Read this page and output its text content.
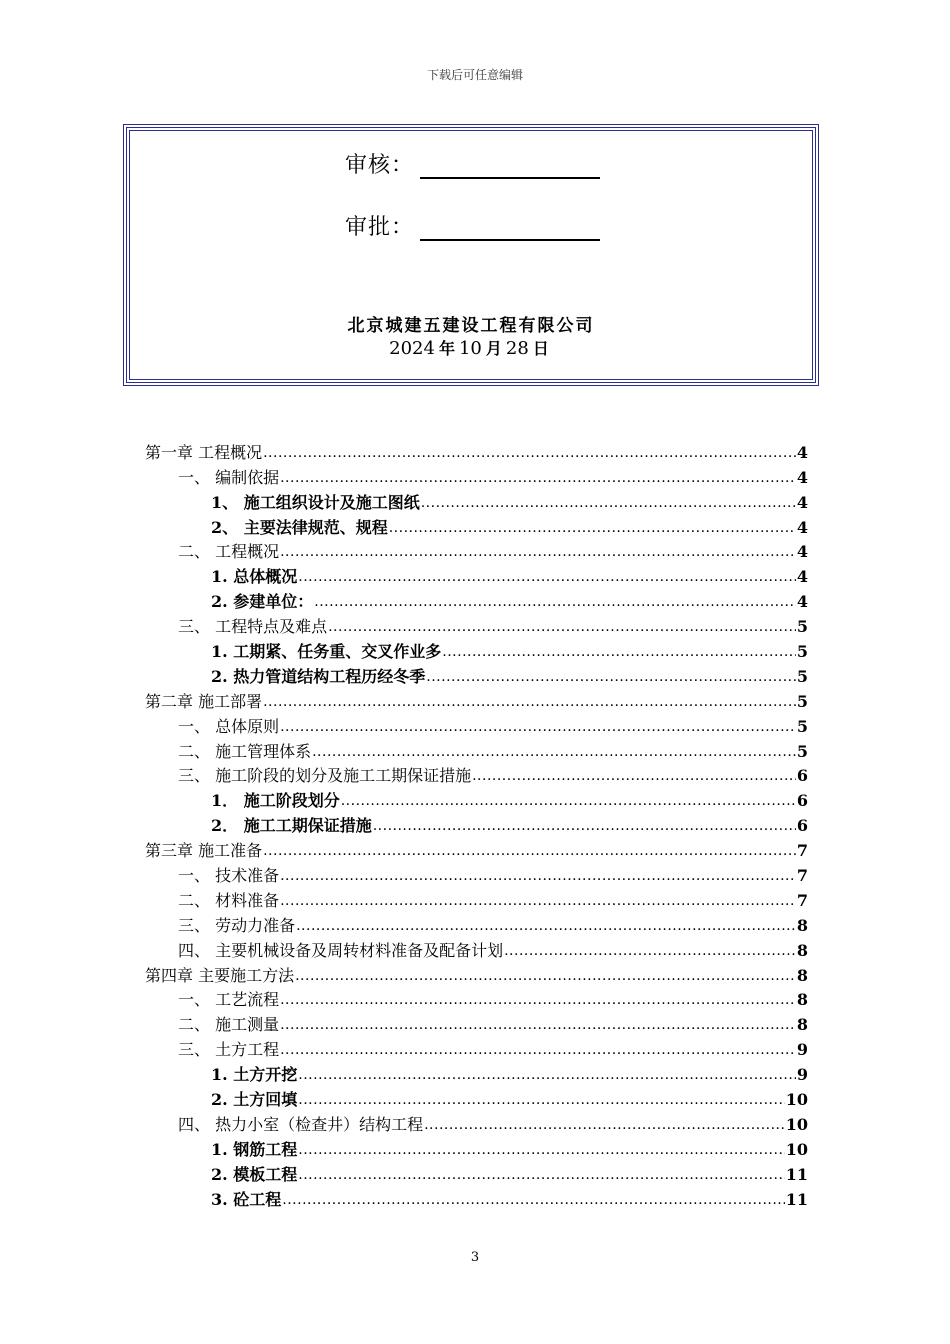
下载后可任意编辑
审核：
审批：
北京城建五建设工程有限公司
2024 年 10 月 28 日
第一章 工程概况 .....	4
一、 编制依据 .....	4
1、 施工组织设计及施工图纸 .....	4
2、 主要法律规范、规程 .....	4
二、 工程概况 .....	4
1. 总体概况 .....	4
2. 参建单位： .....	4
三、 工程特点及难点 .....	5
1. 工期紧、任务重、交叉作业多 .....	5
2. 热力管道结构工程历经冬季 .....	5
第二章 施工部署 .....	5
一、 总体原则 .....	5
二、 施工管理体系 .....	5
三、 施工阶段的划分及施工工期保证措施 .....	6
1． 施工阶段划分 .....	6
2． 施工工期保证措施 .....	6
第三章 施工准备 .....	7
一、 技术准备 .....	7
二、 材料准备 .....	7
三、 劳动力准备 .....	8
四、 主要机械设备及周转材料准备及配备计划 .....	8
第四章 主要施工方法 .....	8
一、 工艺流程 .....	8
二、 施工测量 .....	8
三、 土方工程 .....	9
1. 土方开挖 .....	9
2. 土方回填 .....	10
四、 热力小室（检查井）结构工程 .....	10
1. 钢筋工程 .....	10
2. 模板工程 .....	11
3. 砼工程 .....	11
3
